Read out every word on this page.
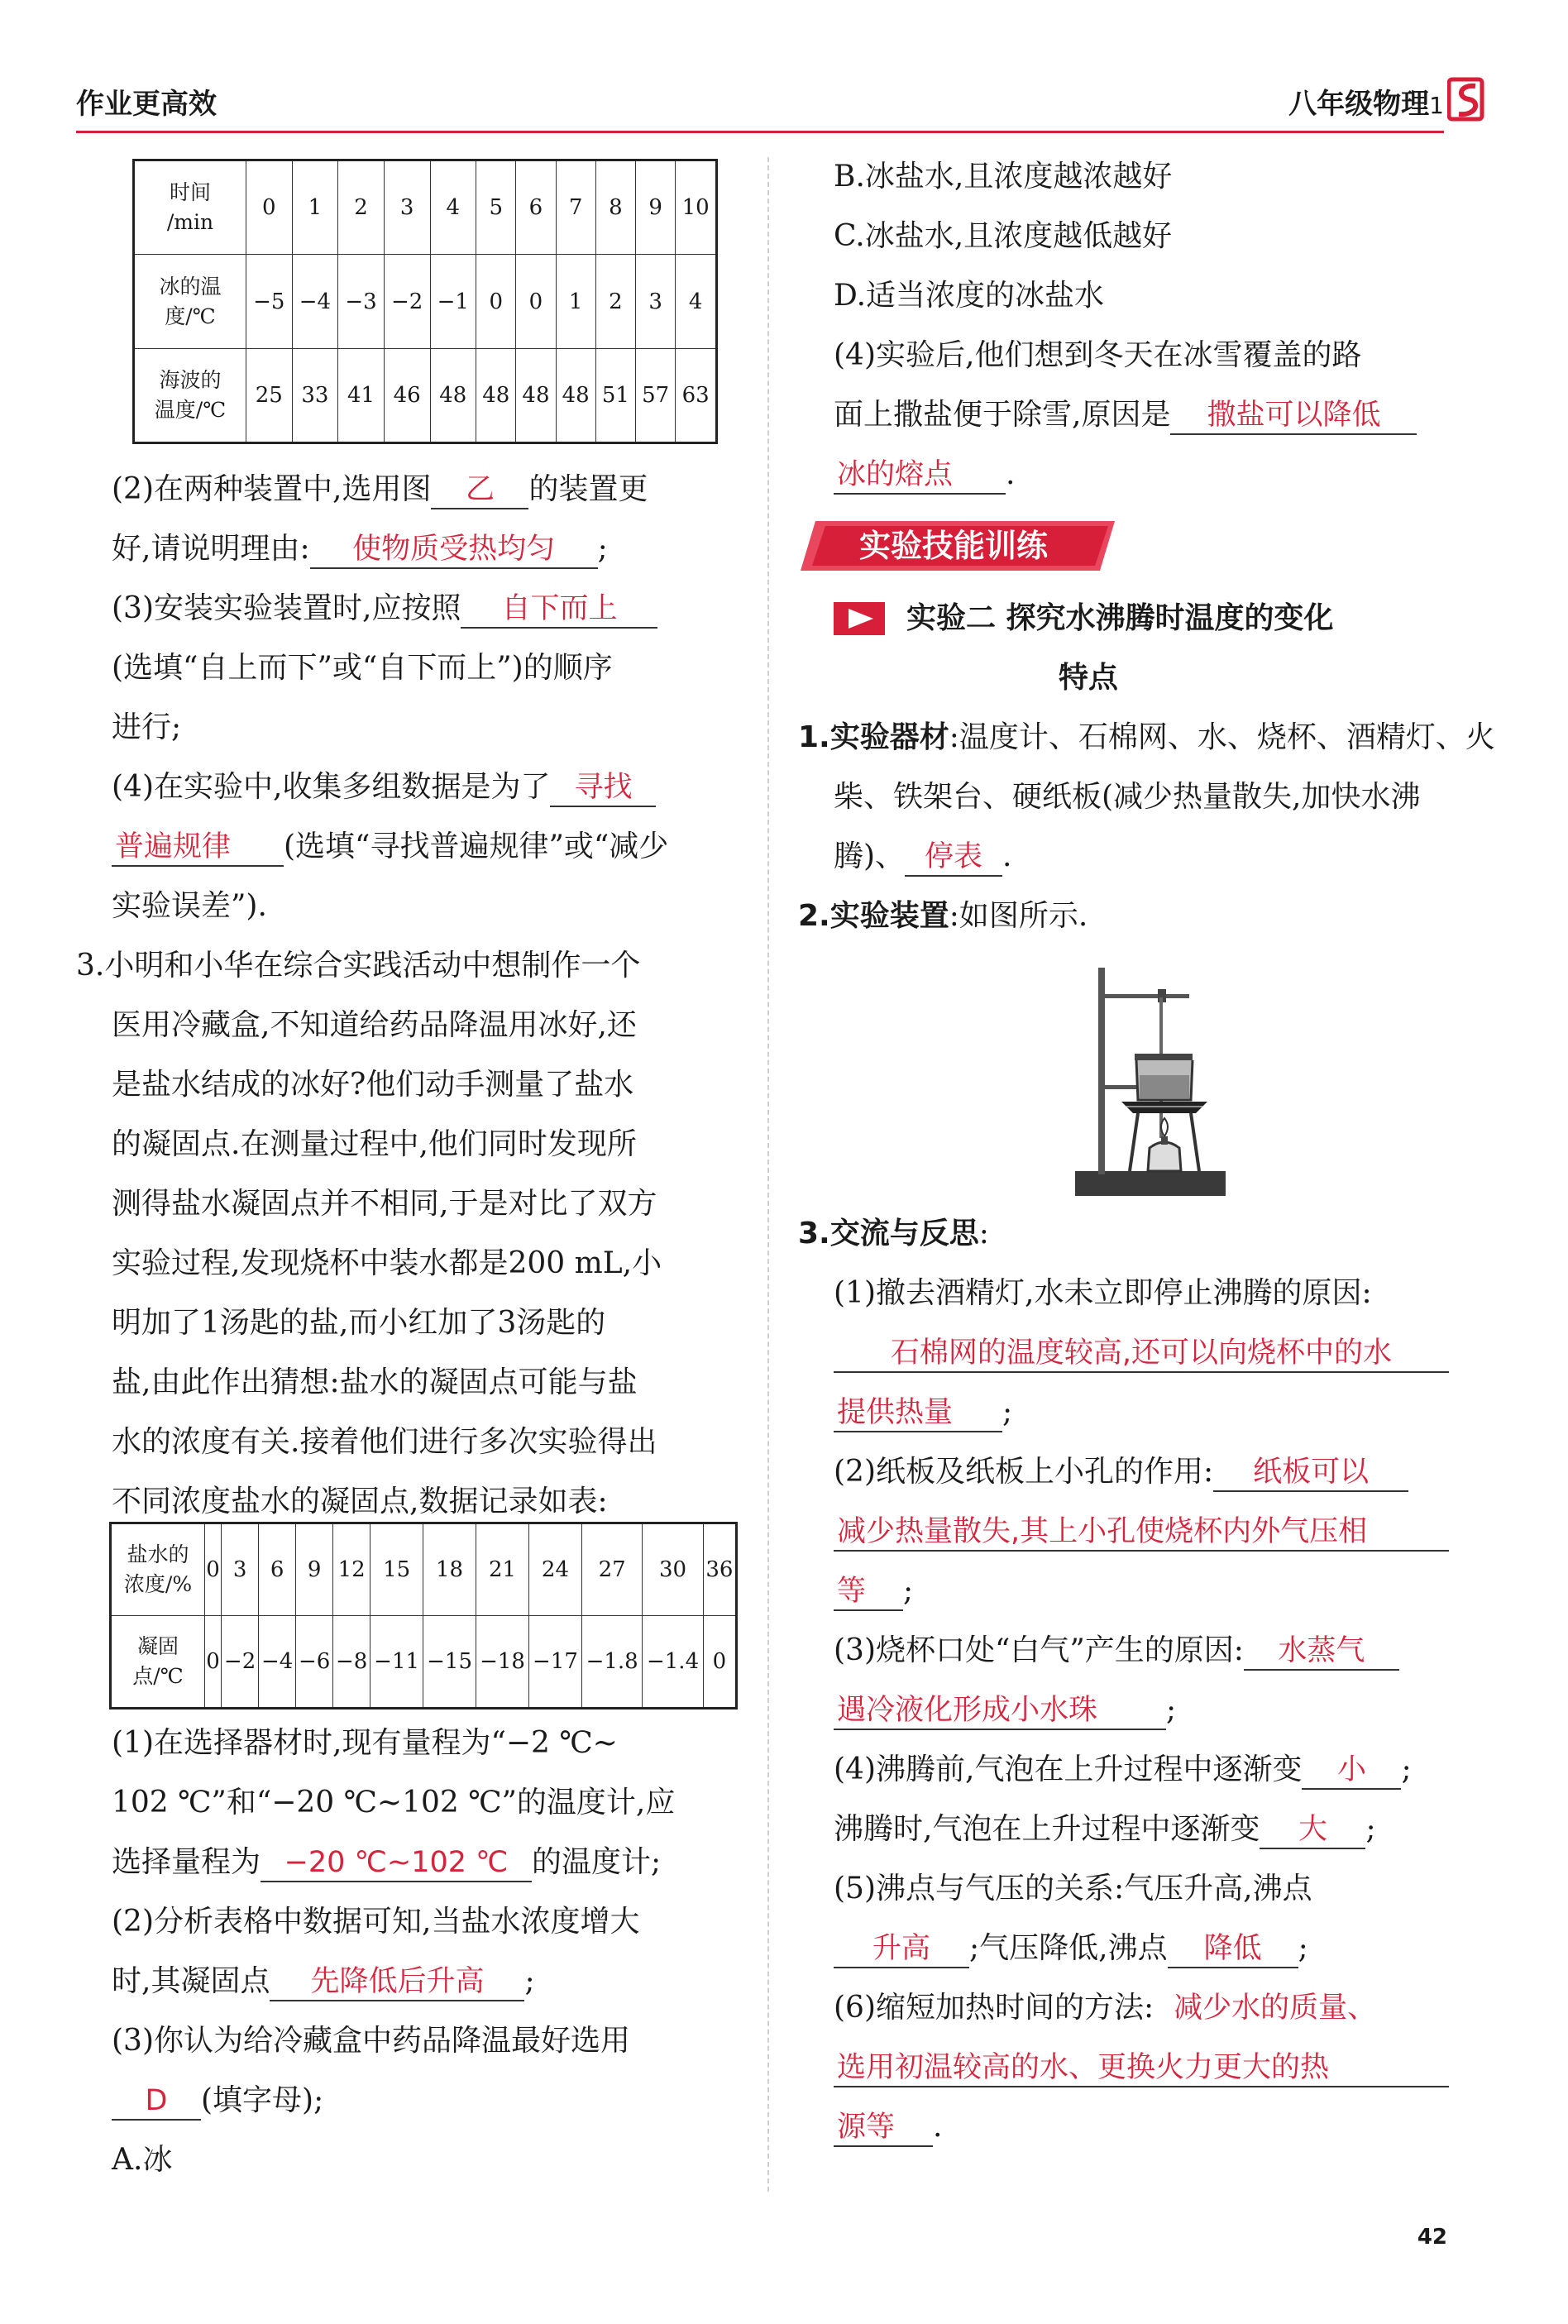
作业更高效	八年级物理1
时间
/min	0	1	2	3	4	5	6	7	8	9	10
冰的温
度/℃	−5	−4	−3	−2	−1	0	0	1	2	3	4
海波的
温度/℃	25	33	41	46	48	48	48	48	51	57	63
(2)在两种装置中,选用图 乙 的装置更
好,请说明理由: 使物质受热均匀 ;
(3)安装实验装置时,应按照 自下而上
(选填“自上而下”或“自下而上”)的顺序
进行;
(4)在实验中,收集多组数据是为了 寻找
普遍规律 (选填“寻找普遍规律”或“减少
实验误差”).
3.小明和小华在综合实践活动中想制作一个
医用冷藏盒,不知道给药品降温用冰好,还
是盐水结成的冰好?他们动手测量了盐水
的凝固点.在测量过程中,他们同时发现所
测得盐水凝固点并不相同,于是对比了双方
实验过程,发现烧杯中装水都是200 mL,小
明加了1汤匙的盐,而小红加了3汤匙的
盐,由此作出猜想:盐水的凝固点可能与盐
水的浓度有关.接着他们进行多次实验得出
不同浓度盐水的凝固点,数据记录如表:
盐水的
浓度/%	0	3	6	9	12	15	18	21	24	27	30	36
凝固
点/℃	0	−2	−4	−6	−8	−11	−15	−18	−17	−1.8	−1.4	0
(1)在选择器材时,现有量程为“−2 ℃~
102 ℃”和“−20 ℃~102 ℃”的温度计,应
选择量程为 −20 ℃~102 ℃ 的温度计;
(2)分析表格中数据可知,当盐水浓度增大
时,其凝固点 先降低后升高 ;
(3)你认为给冷藏盒中药品降温最好选用
D (填字母);
A.冰
B.冰盐水,且浓度越浓越好
C.冰盐水,且浓度越低越好
D.适当浓度的冰盐水
(4)实验后,他们想到冬天在冰雪覆盖的路
面上撒盐便于除雪,原因是 撒盐可以降低
冰的熔点 .
实验技能训练
实验二 探究水沸腾时温度的变化
特点
1.实验器材:温度计、石棉网、水、烧杯、酒精灯、火
柴、铁架台、硬纸板(减少热量散失,加快水沸
腾)、 停表 .
2.实验装置:如图所示.
3.交流与反思:
(1)撤去酒精灯,水未立即停止沸腾的原因:
石棉网的温度较高,还可以向烧杯中的水
提供热量 ;
(2)纸板及纸板上小孔的作用: 纸板可以
减少热量散失,其上小孔使烧杯内外气压相
等 ;
(3)烧杯口处“白气”产生的原因: 水蒸气
遇冷液化形成小水珠 ;
(4)沸腾前,气泡在上升过程中逐渐变 小 ;
沸腾时,气泡在上升过程中逐渐变 大 ;
(5)沸点与气压的关系:气压升高,沸点
升高 ;气压降低,沸点 降低 ;
(6)缩短加热时间的方法: 减少水的质量、
选用初温较高的水、更换火力更大的热
源等 .
42
